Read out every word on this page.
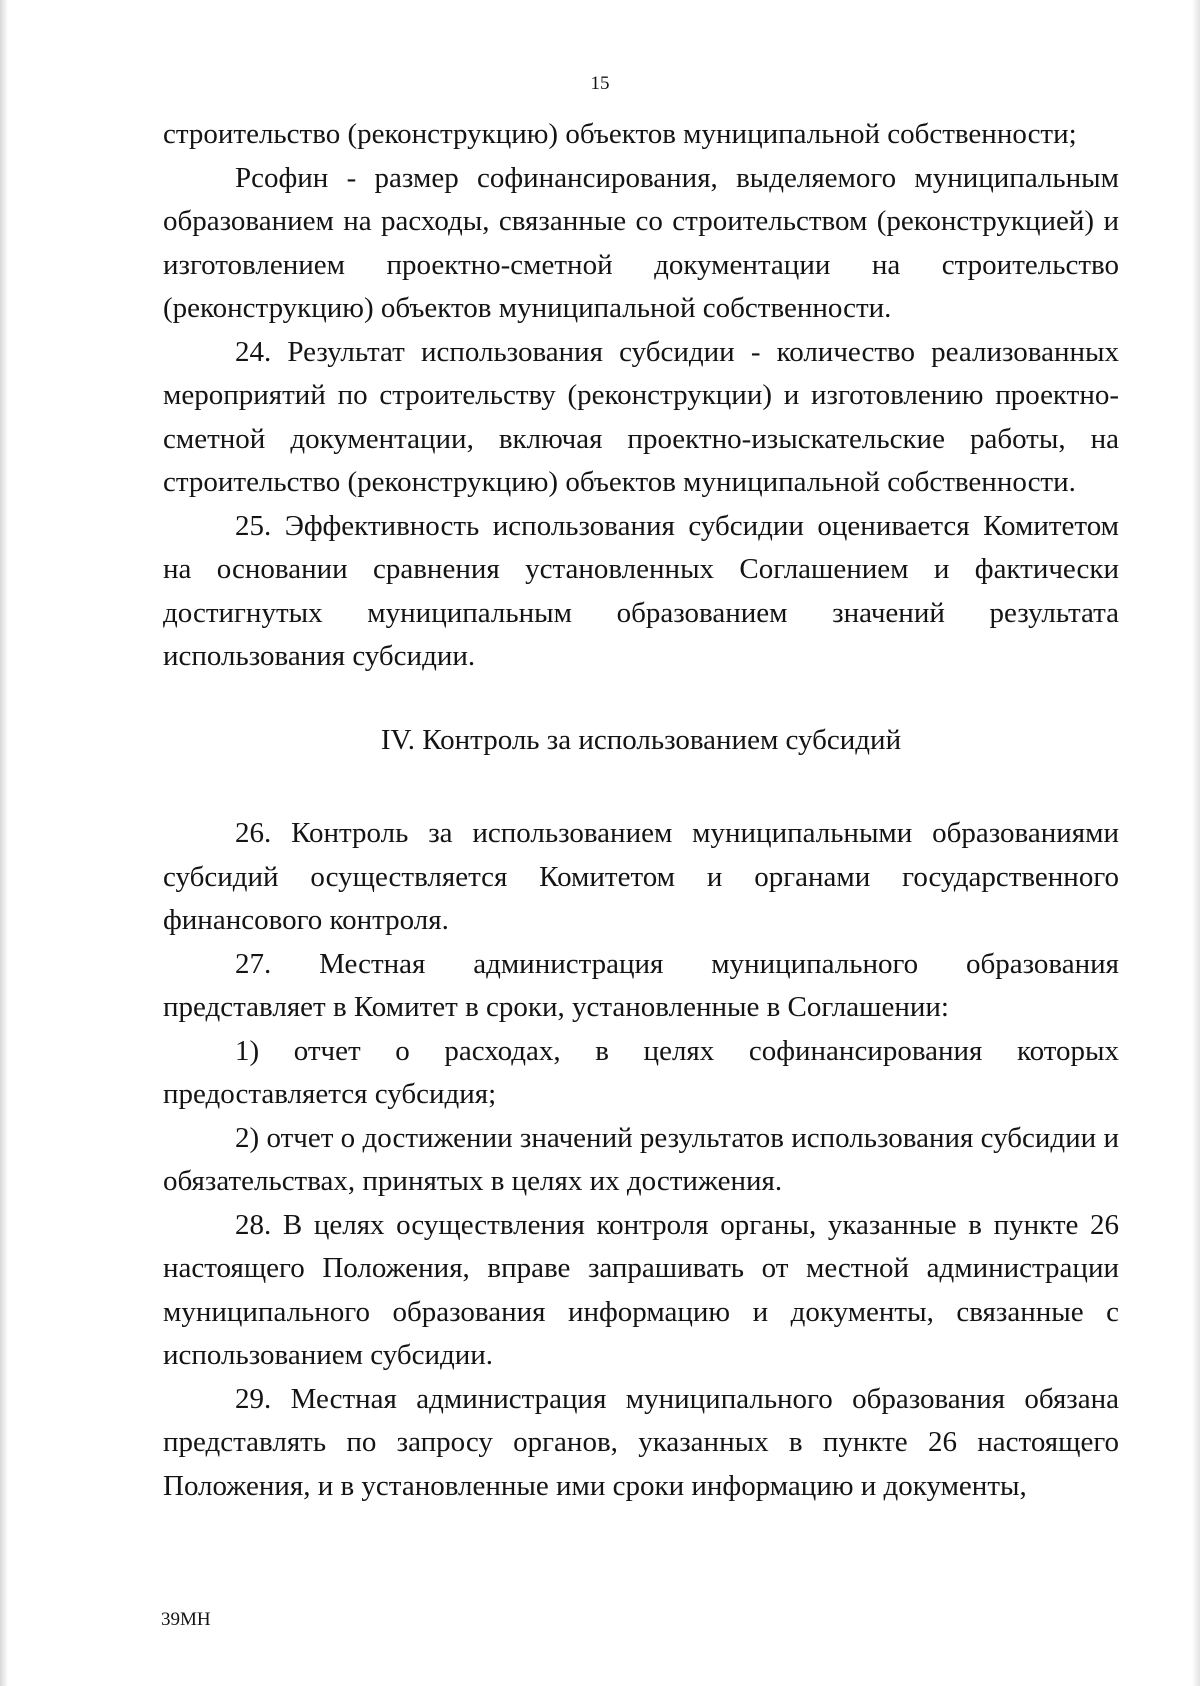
15

строительство (реконструкцию) объектов муниципальной собственности;

Рсофин - размер софинансирования, выделяемого муниципальным образованием на расходы, связанные со строительством (реконструкцией) и изготовлением проектно-сметной документации на строительство (реконструкцию) объектов муниципальной собственности.

24. Результат использования субсидии - количество реализованных мероприятий по строительству (реконструкции) и изготовлению проектно-сметной документации, включая проектно-изыскательские работы, на строительство (реконструкцию) объектов муниципальной собственности.

25. Эффективность использования субсидии оценивается Комитетом на основании сравнения установленных Соглашением и фактически достигнутых муниципальным образованием значений результата использования субсидии.

IV. Контроль за использованием субсидий

26. Контроль за использованием муниципальными образованиями субсидий осуществляется Комитетом и органами государственного финансового контроля.

27. Местная администрация муниципального образования представляет в Комитет в сроки, установленные в Соглашении:

1) отчет о расходах, в целях софинансирования которых предоставляется субсидия;

2) отчет о достижении значений результатов использования субсидии и обязательствах, принятых в целях их достижения.

28. В целях осуществления контроля органы, указанные в пункте 26 настоящего Положения, вправе запрашивать от местной администрации муниципального образования информацию и документы, связанные с использованием субсидии.

29. Местная администрация муниципального образования обязана представлять по запросу органов, указанных в пункте 26 настоящего Положения, и в установленные ими сроки информацию и документы,

39МН
